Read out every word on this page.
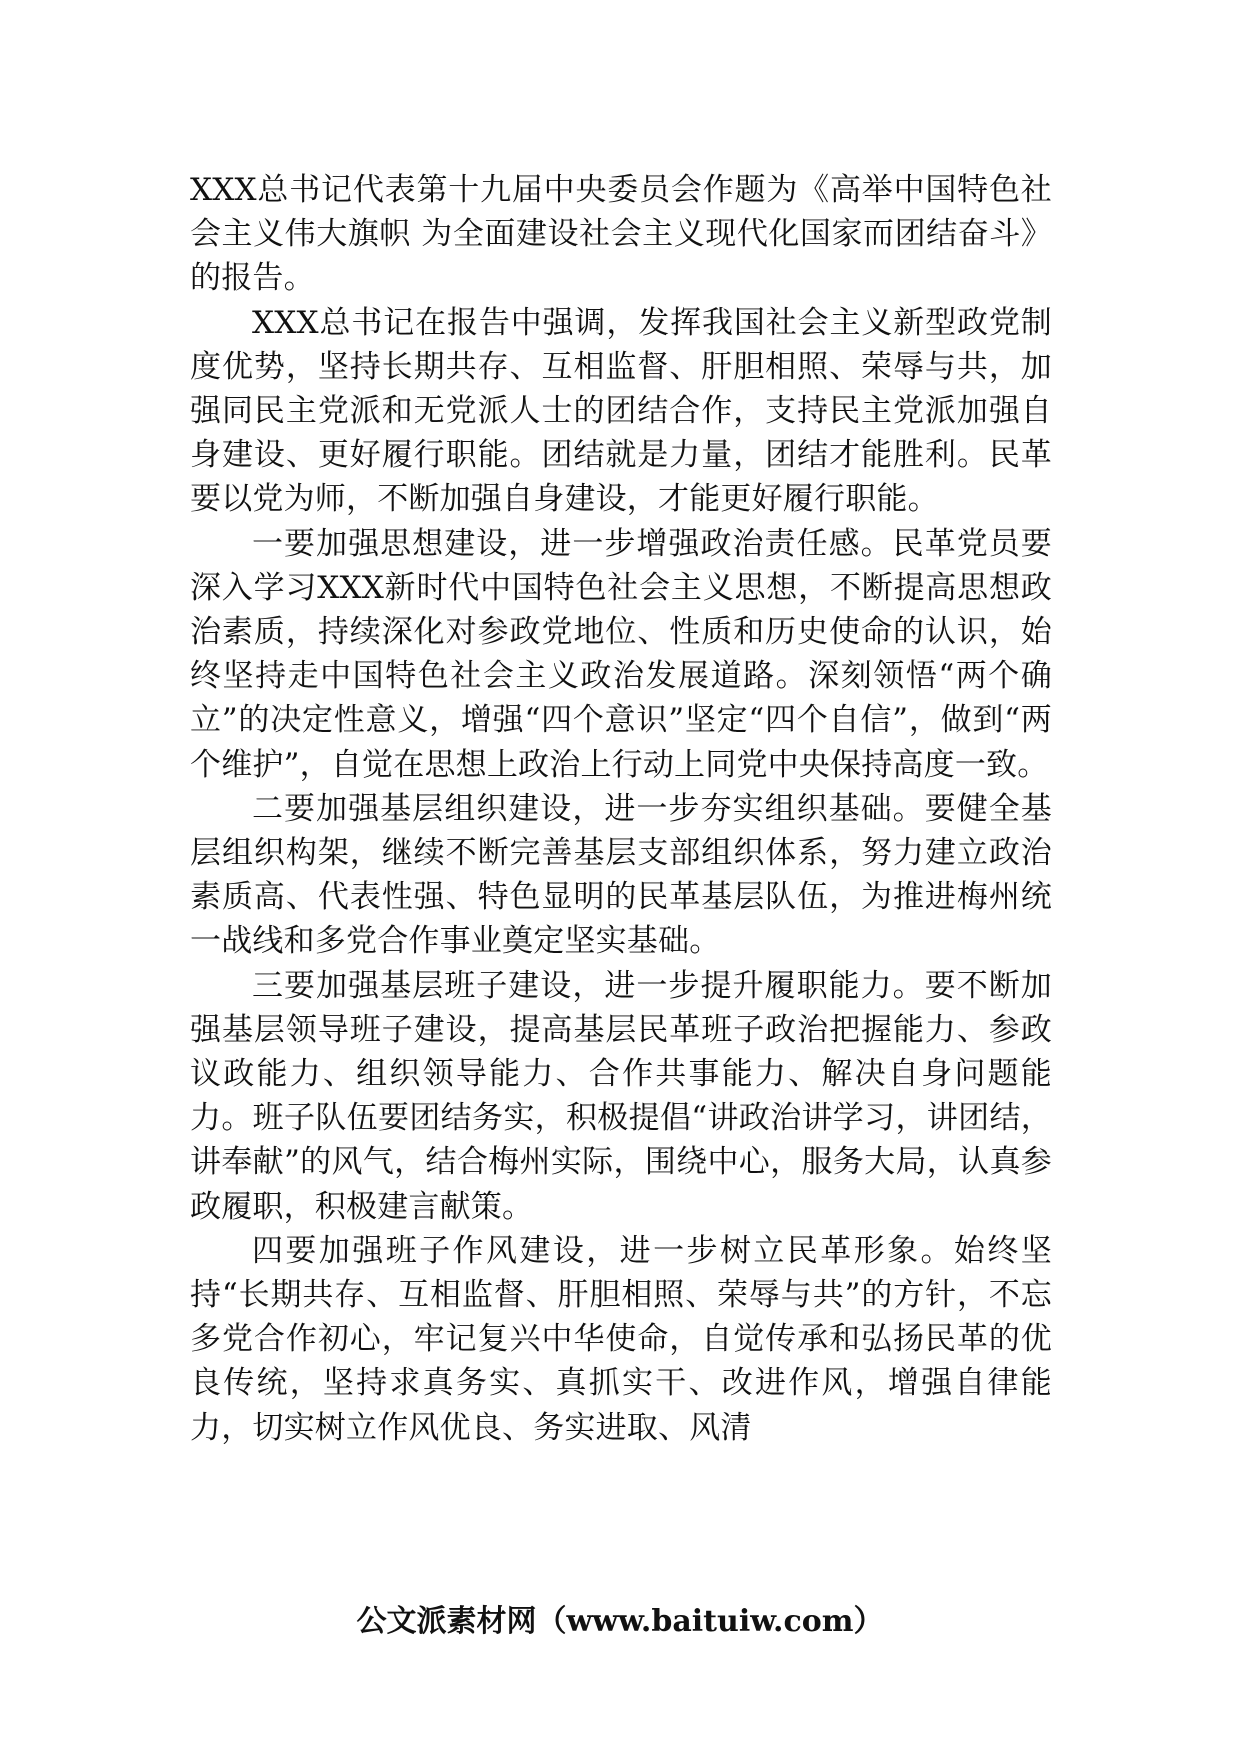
XXX总书记代表第十九届中央委员会作题为《高举中国特色社会主义伟大旗帜 为全面建设社会主义现代化国家而团结奋斗》的报告。

XXX总书记在报告中强调，发挥我国社会主义新型政党制度优势，坚持长期共存、互相监督、肝胆相照、荣辱与共，加强同民主党派和无党派人士的团结合作，支持民主党派加强自身建设、更好履行职能。团结就是力量，团结才能胜利。民革要以党为师，不断加强自身建设，才能更好履行职能。

一要加强思想建设，进一步增强政治责任感。民革党员要深入学习XXX新时代中国特色社会主义思想，不断提高思想政治素质，持续深化对参政党地位、性质和历史使命的认识，始终坚持走中国特色社会主义政治发展道路。深刻领悟“两个确立”的决定性意义，增强“四个意识”坚定“四个自信”，做到“两个维护”，自觉在思想上政治上行动上同党中央保持高度一致。

二要加强基层组织建设，进一步夯实组织基础。要健全基层组织构架，继续不断完善基层支部组织体系，努力建立政治素质高、代表性强、特色显明的民革基层队伍，为推进梅州统一战线和多党合作事业奠定坚实基础。

三要加强基层班子建设，进一步提升履职能力。要不断加强基层领导班子建设，提高基层民革班子政治把握能力、参政议政能力、组织领导能力、合作共事能力、解决自身问题能力。班子队伍要团结务实，积极提倡“讲政治讲学习，讲团结，讲奉献”的风气，结合梅州实际，围绕中心，服务大局，认真参政履职，积极建言献策。

四要加强班子作风建设，进一步树立民革形象。始终坚持“长期共存、互相监督、肝胆相照、荣辱与共”的方针，不忘多党合作初心，牢记复兴中华使命，自觉传承和弘扬民革的优良传统，坚持求真务实、真抓实干、改进作风，增强自律能力，切实树立作风优良、务实进取、风清

公文派素材网（www.baituiw.com）
